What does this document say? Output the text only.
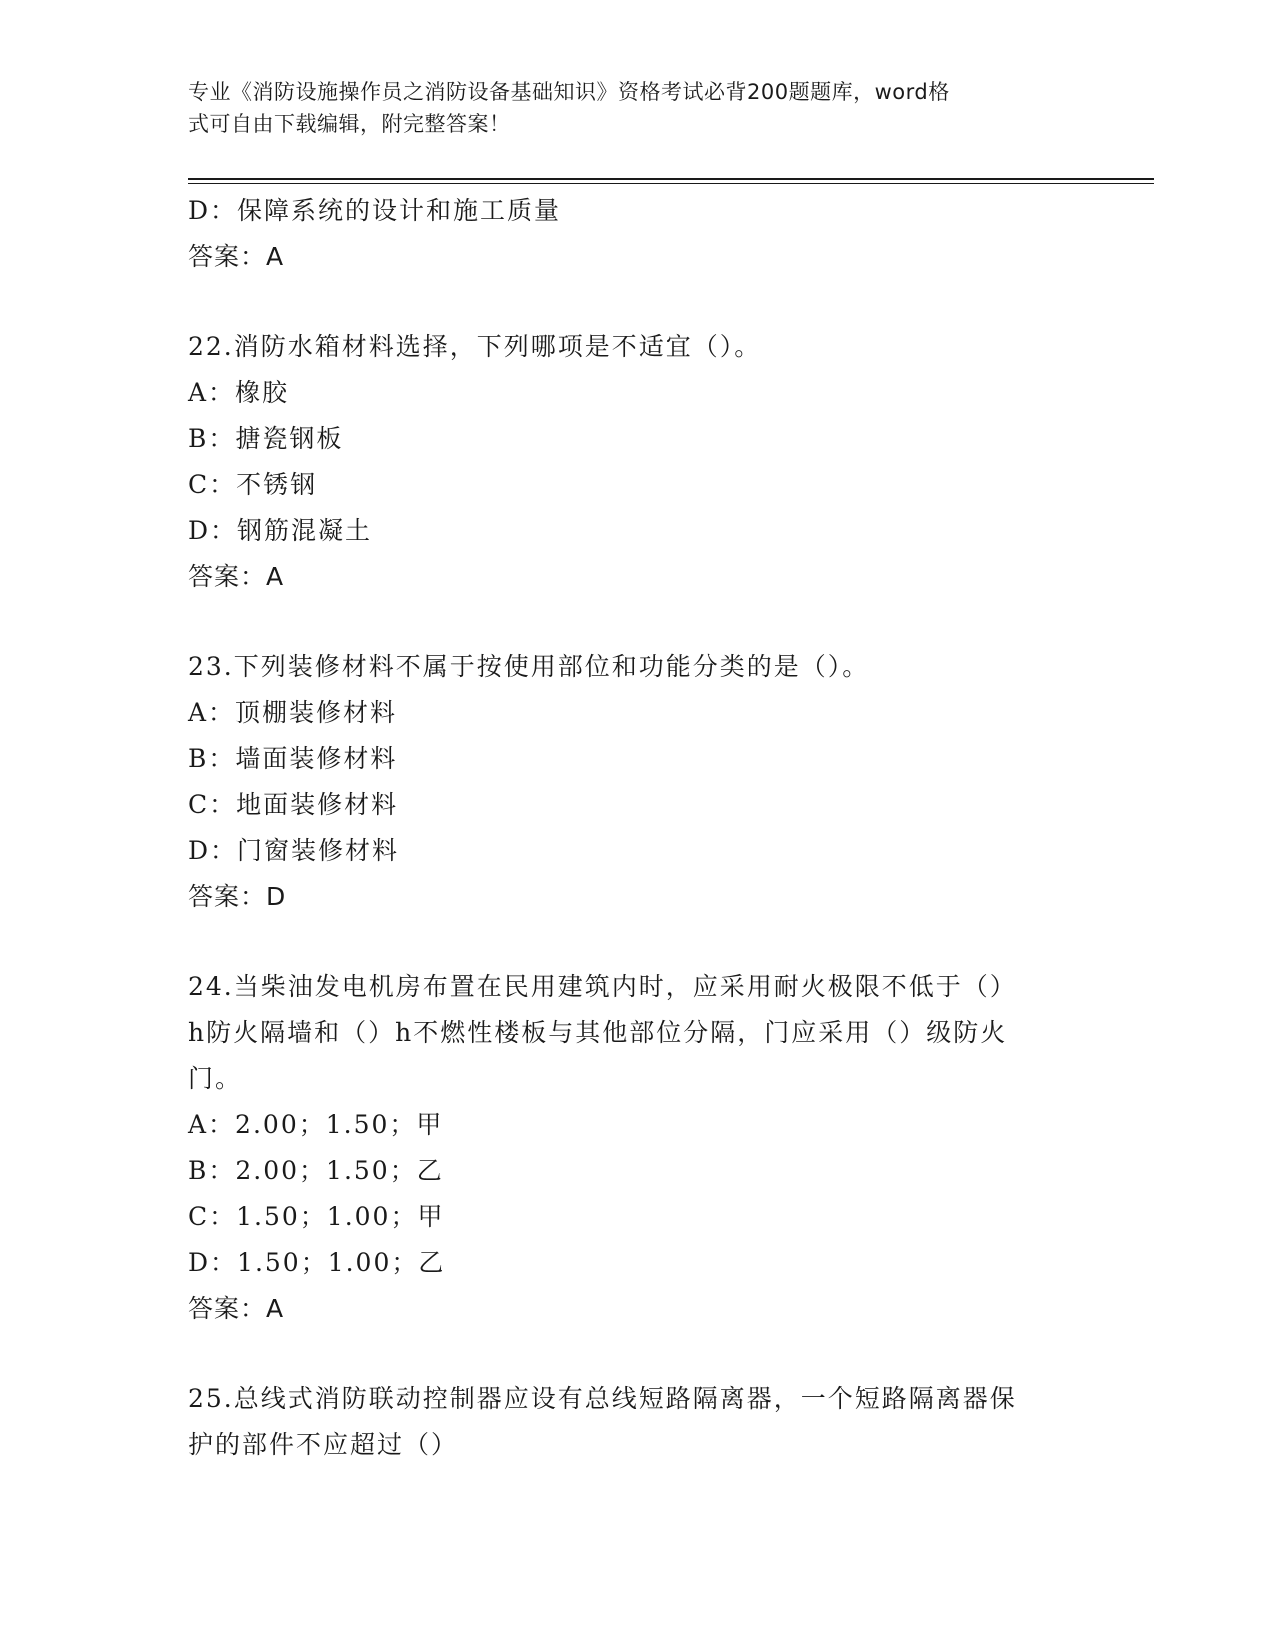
专业《消防设施操作员之消防设备基础知识》资格考试必背200题题库，word格
式可自由下载编辑，附完整答案！
D：保障系统的设计和施工质量
答案：A
22.消防水箱材料选择，下列哪项是不适宜（）。
A：橡胶
B：搪瓷钢板
C：不锈钢
D：钢筋混凝土
答案：A
23.下列装修材料不属于按使用部位和功能分类的是（）。
A：顶棚装修材料
B：墙面装修材料
C：地面装修材料
D：门窗装修材料
答案：D
24.当柴油发电机房布置在民用建筑内时，应采用耐火极限不低于（）
h防火隔墙和（）h不燃性楼板与其他部位分隔，门应采用（）级防火
门。
A：2.00；1.50；甲
B：2.00；1.50；乙
C：1.50；1.00；甲
D：1.50；1.00；乙
答案：A
25.总线式消防联动控制器应设有总线短路隔离器，一个短路隔离器保
护的部件不应超过（）
